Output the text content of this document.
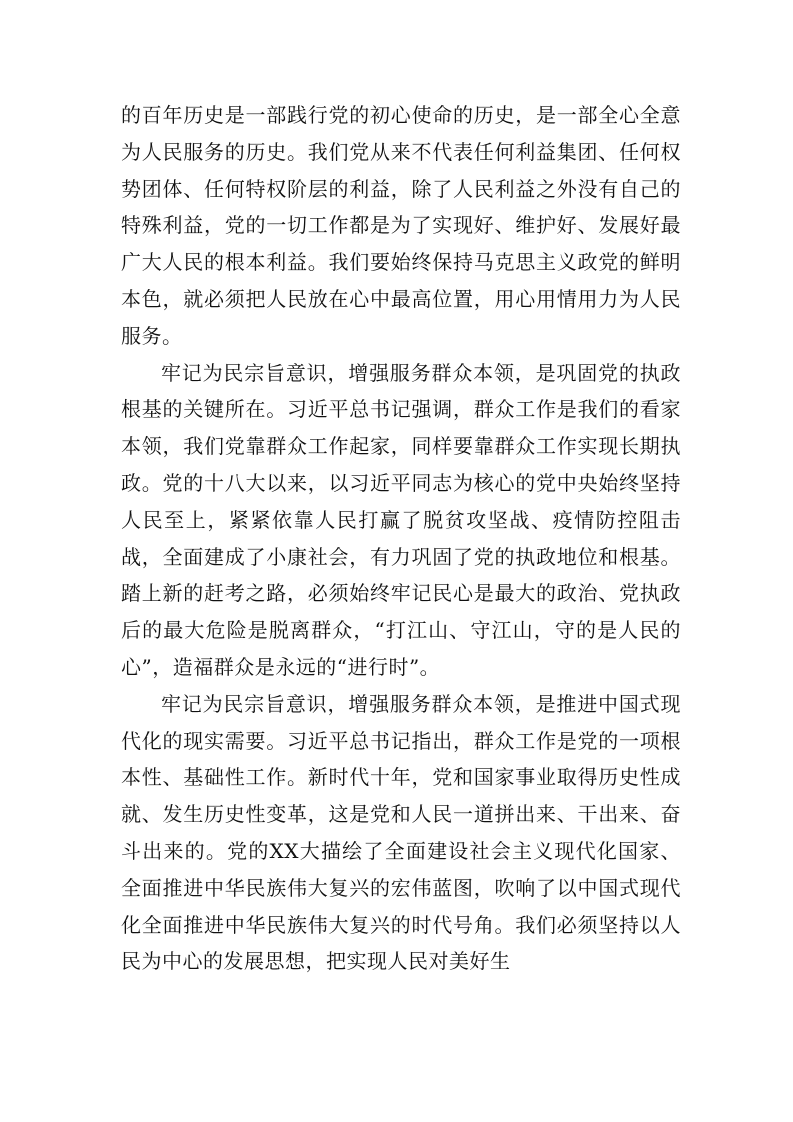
的百年历史是一部践行党的初心使命的历史，是一部全心全意为人民服务的历史。我们党从来不代表任何利益集团、任何权势团体、任何特权阶层的利益，除了人民利益之外没有自己的特殊利益，党的一切工作都是为了实现好、维护好、发展好最广大人民的根本利益。我们要始终保持马克思主义政党的鲜明本色，就必须把人民放在心中最高位置，用心用情用力为人民服务。

牢记为民宗旨意识，增强服务群众本领，是巩固党的执政根基的关键所在。习近平总书记强调，群众工作是我们的看家本领，我们党靠群众工作起家，同样要靠群众工作实现长期执政。党的十八大以来，以习近平同志为核心的党中央始终坚持人民至上，紧紧依靠人民打赢了脱贫攻坚战、疫情防控阻击战，全面建成了小康社会，有力巩固了党的执政地位和根基。踏上新的赶考之路，必须始终牢记民心是最大的政治、党执政后的最大危险是脱离群众，“打江山、守江山，守的是人民的心”，造福群众是永远的“进行时”。

牢记为民宗旨意识，增强服务群众本领，是推进中国式现代化的现实需要。习近平总书记指出，群众工作是党的一项根本性、基础性工作。新时代十年，党和国家事业取得历史性成就、发生历史性变革，这是党和人民一道拼出来、干出来、奋斗出来的。党的XX大描绘了全面建设社会主义现代化国家、全面推进中华民族伟大复兴的宏伟蓝图，吹响了以中国式现代化全面推进中华民族伟大复兴的时代号角。我们必须坚持以人民为中心的发展思想，把实现人民对美好生
